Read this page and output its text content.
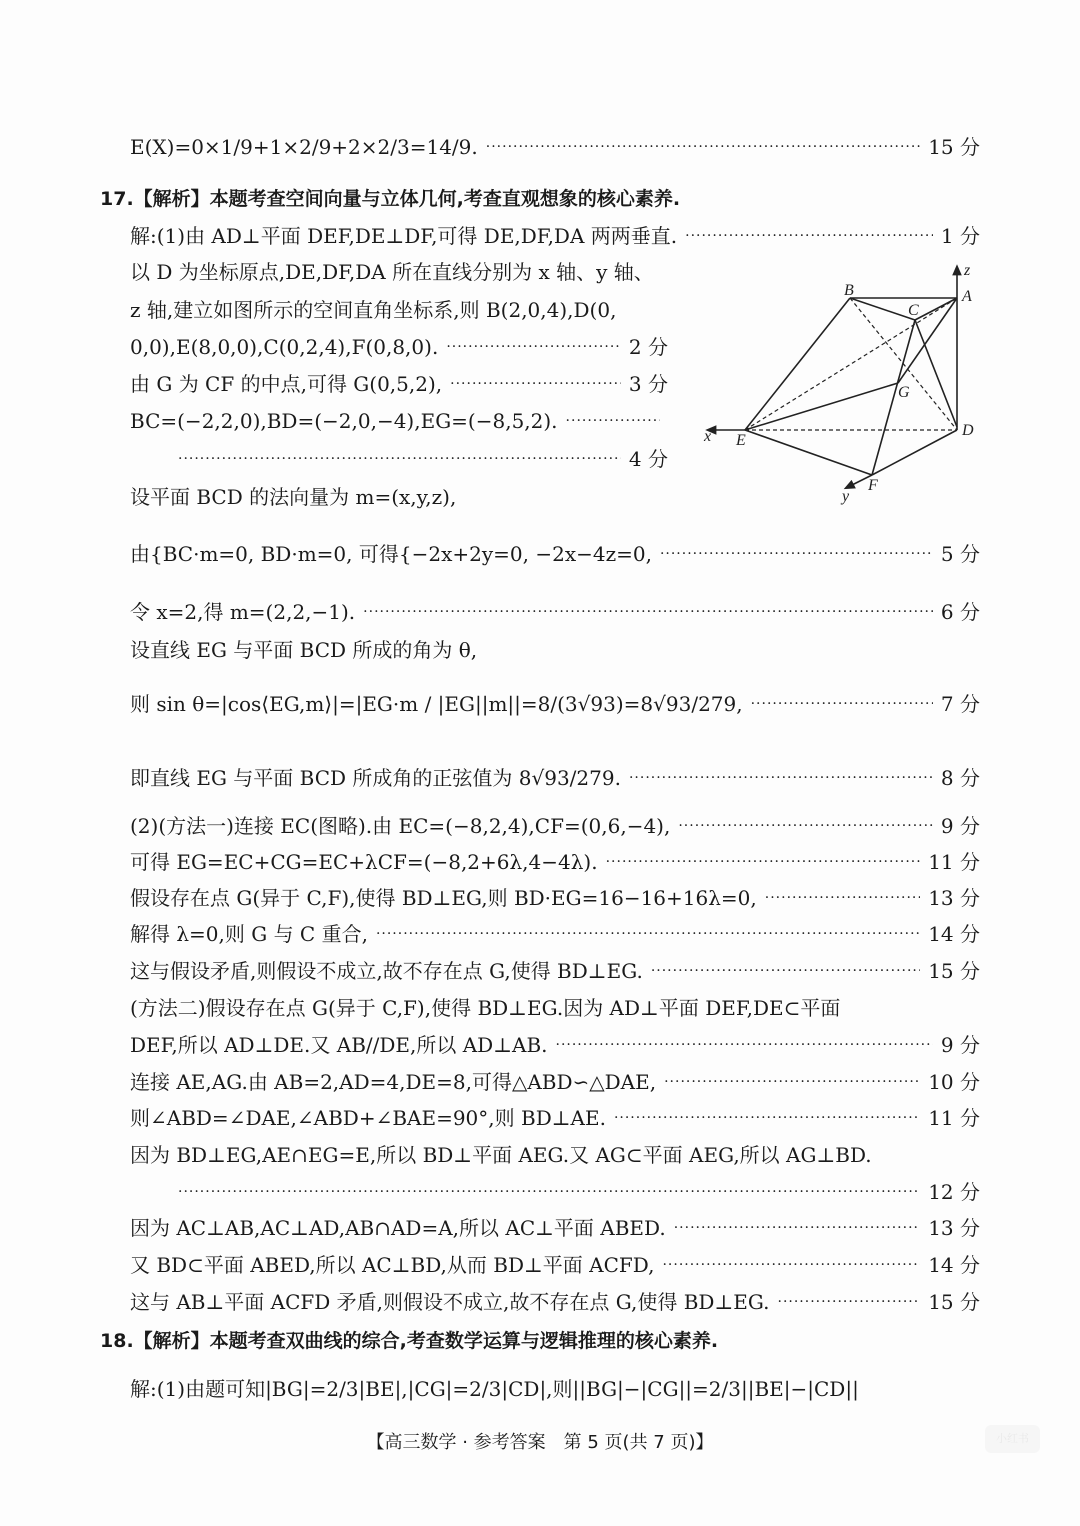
E(X)=0×1/9+1×2/9+2×2/3=14/9. ·····	15 分
17.【解析】本题考查空间向量与立体几何,考查直观想象的核心素养.
解:(1)由 AD⊥平面 DEF,DE⊥DF,可得 DE,DF,DA 两两垂直. ·····	1 分
以 D 为坐标原点,DE,DF,DA 所在直线分别为 x 轴、y 轴、
z 轴,建立如图所示的空间直角坐标系,则 B(2,0,4),D(0,
0,0),E(8,0,0),C(0,2,4),F(0,8,0). ·····	2 分
由 G 为 CF 的中点,可得 G(0,5,2), ·····	3 分
BC=(−2,2,0),BD=(−2,0,−4),EG=(−8,5,2).
·····
·····
4 分
A
B
C
D
E
F
G
x
y
z
设平面 BCD 的法向量为 m=(x,y,z),
由{BC·m=0, BD·m=0, 可得{−2x+2y=0, −2x−4z=0, ·····	5 分
令 x=2,得 m=(2,2,−1). ·····	6 分
设直线 EG 与平面 BCD 所成的角为 θ,
则 sin θ=|cos⟨EG,m⟩|=|EG·m / |EG||m||=8/(3√93)=8√93/279, ·····	7 分
即直线 EG 与平面 BCD 所成角的正弦值为 8√93/279. ·····	8 分
(2)(方法一)连接 EC(图略).由 EC=(−8,2,4),CF=(0,6,−4), ·····	9 分
可得 EG=EC+CG=EC+λCF=(−8,2+6λ,4−4λ). ·····	11 分
假设存在点 G(异于 C,F),使得 BD⊥EG,则 BD·EG=16−16+16λ=0, ·····	13 分
解得 λ=0,则 G 与 C 重合, ·····	14 分
这与假设矛盾,则假设不成立,故不存在点 G,使得 BD⊥EG. ·····	15 分
(方法二)假设存在点 G(异于 C,F),使得 BD⊥EG.因为 AD⊥平面 DEF,DE⊂平面
DEF,所以 AD⊥DE.又 AB//DE,所以 AD⊥AB. ·····	9 分
连接 AE,AG.由 AB=2,AD=4,DE=8,可得△ABD∽△DAE, ·····	10 分
则∠ABD=∠DAE,∠ABD+∠BAE=90°,则 BD⊥AE. ·····	11 分
因为 BD⊥EG,AE∩EG=E,所以 BD⊥平面 AEG.又 AG⊂平面 AEG,所以 AG⊥BD.
·····
12 分
因为 AC⊥AB,AC⊥AD,AB∩AD=A,所以 AC⊥平面 ABED. ·····	13 分
又 BD⊂平面 ABED,所以 AC⊥BD,从而 BD⊥平面 ACFD, ·····	14 分
这与 AB⊥平面 ACFD 矛盾,则假设不成立,故不存在点 G,使得 BD⊥EG. ·····	15 分
18.【解析】本题考查双曲线的综合,考查数学运算与逻辑推理的核心素养.
解:(1)由题可知|BG|=2/3|BE|,|CG|=2/3|CD|,则||BG|−|CG||=2/3||BE|−|CD||
【高三数学 · 参考答案　第 5 页(共 7 页)】	小红书
